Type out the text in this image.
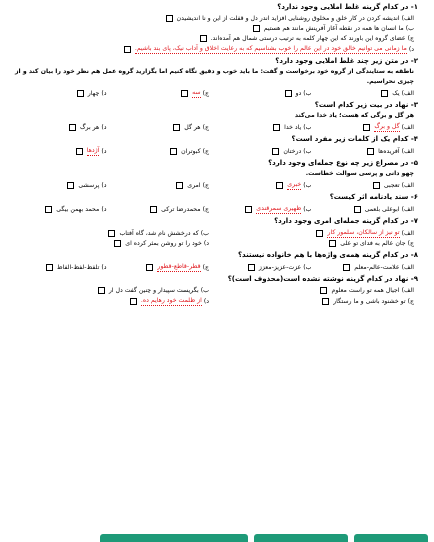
۱- در کدام گزینه غلط املایی وجود ندارد؟
الف)
اندیشه کردن در کار خلق و مخلوق روشنایی افزاید اندر دل و قفلت از این و نا اندیشیدن
ب)
ما انسان ها همه در نقطه آغاز آفرینش مانند هم هستیم
ج)
عضای گروه این باورند که این چهار کلمه به ترتیب درستی شمال هم آمده‌اند.
د)
ما زمانی می توانیم خالق خود در این عالم را خوب بشناسیم که به رعایت اخلاق و آداب نیک، پای بند باشیم.
۲- در متن زیر چند غلط املایی وجود دارد؟
ناطقه به ستایندگی از گروه خود برخواست و گفت: ما باید خوب و دقیق نگاه کنیم اما بگزارید گروه عمل هم نظر خود را بیان کند و از چیزی نحراسیم.
الف)
یک
ب)
دو
ج)
سه
د)
چهار
۳- نهاد در بیت زیر کدام است؟
هر گل و برگی که هست؛ یاد خدا می‌کند
الف)
گل و برگ
ب)
یاد خدا
ج)
هر گل
د)
هر برگ
۴- کدام یک از کلمات زیر مفرد است؟
الف)
آفریده‌ها
ب)
درختان
ج)
کبوتران
د)
آژدها
۵- در مصراع زیر چه نوع جمله‌ای وجود دارد؟
چهو دانی و پرسی سوالت خطاست.
الف)
تعجبی
ب)
خبری
ج)
امری
د)
پرسشی
۶- سند یادنامه اثر کیست؟
الف)
ابوعلی بلعمی
ب)
ظهیری سمرقندی
ج)
محمدرضا ترکی
د)
محمد بهمن بیگی
۷- در کدام گزینه جمله‌ای امری وجود دارد؟
الف)
تو نیز از سالکان، سلمور کار
ب)
که درخشش نام شد، گاه آفتاب
ج)
جان عالم به فدای تو علی
د)
خود را تو روشن بمثر کرده ای
۸- در کدام گزینه همه‌ی واژه‌ها با هم خانواده نیستند؟
الف)
علامت-عالم-معلم
ب)
عزت-عزیز-معزز
ج)
قطر-قاطع-قطور
د)
تلفظ-لفظ-الفاظ
۹- نهاد در کدام گزینه نوشته نشده است(محذوف است)؟
الف)
اجیال همه تو راست معلوم
ب)
بگریست سپیدار و چنین گفت دل ار
ج)
تو خشنود باشی و ما رستگار
د)
از ظلمت خود رهایم ده.
